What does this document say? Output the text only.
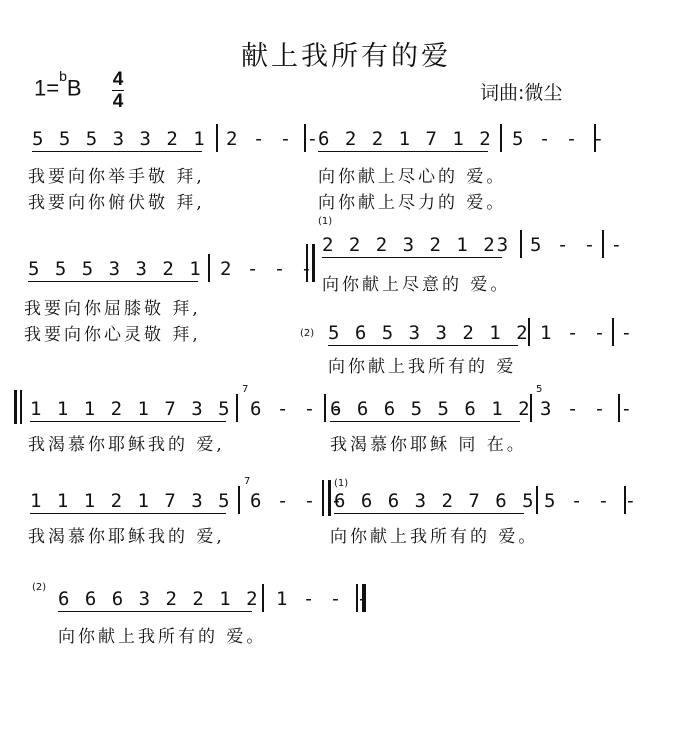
献上我所有的爱
1=$^b$B 4
4	词曲:微尘
5 5 5 3 3 2 1 2 - - -
6 2 2 1 7 1 2 5 - - -
我要向你举手敬 拜,	向你献上尽心的 爱。
我要向你俯伏敬 拜,	向你献上尽力的 爱。
(1)
5 5 5 3 3 2 1 2 - - -
2 2 2 3 2 1 23 5 - - -
向你献上尽意的 爱。
我要向你屈膝敬 拜,
我要向你心灵敬 拜,	(2) 5 6 5 3 3 2 1 2 1 - - -
向你献上我所有的 爱
1 1 1 2 1 7 3 5
7
6 - - -
6 6 6 5 5 6 1 2
5
3 - - -
我渴慕你耶稣我的 爱,	我渴慕你耶稣 同 在。
1 1 1 2 1 7 3 5
7
6 - - -
(1)
6 6 6 3 2 7 6 5 5 - - -
我渴慕你耶稣我的 爱,	向你献上我所有的 爱。
(2)
6 6 6 3 2 2 1 2 1 - - -
向你献上我所有的 爱。
